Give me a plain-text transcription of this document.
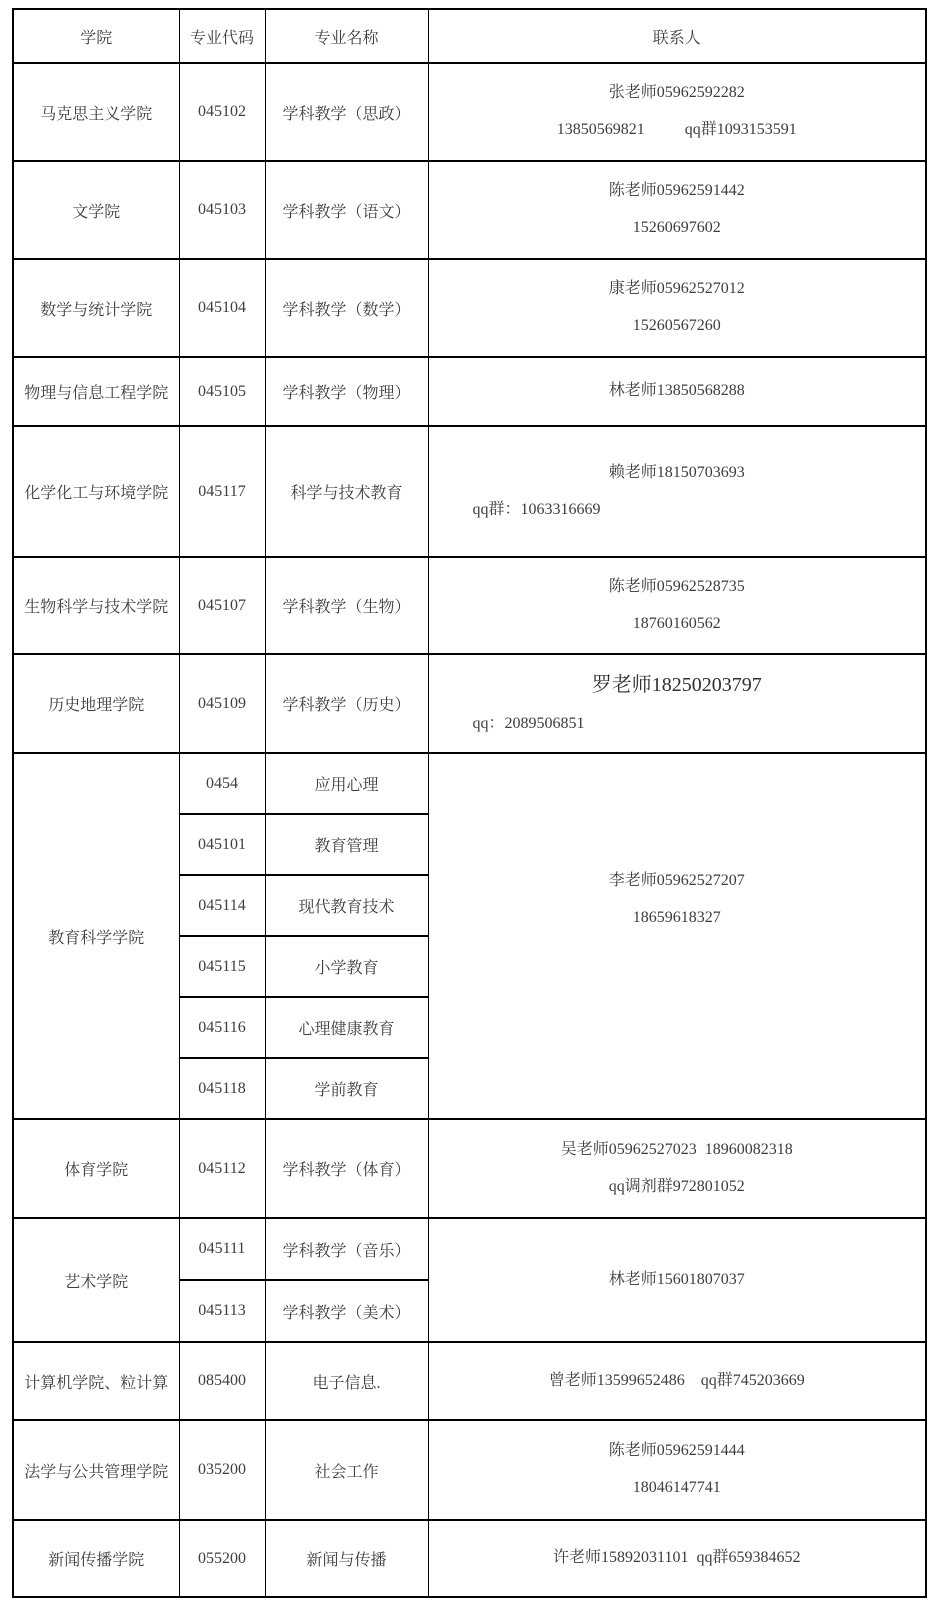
学院	专业代码	专业名称	联系人
马克思主义学院	045102	学科教学（思政）	张老师05962592282
13850569821          qq群1093153591

文学院	045103	学科教学（语文）	陈老师05962591442
15260697602

数学与统计学院	045104	学科教学（数学）	康老师05962527012
15260567260

物理与信息工程学院	045105	学科教学（物理）	林老师13850568288

化学化工与环境学院	045117	科学与技术教育	赖老师18150703693
qq群：1063316669

生物科学与技术学院	045107	学科教学（生物）	陈老师05962528735
18760160562

历史地理学院	045109	学科教学（历史）	罗老师18250203797
qq：2089506851

教育科学学院	0454	应用心理	李老师05962527207
18659618327

	045101	教育管理	
	045114	现代教育技术	
	045115	小学教育	
	045116	心理健康教育	
	045118	学前教育	
体育学院	045112	学科教学（体育）	吴老师05962527023  18960082318
qq调剂群972801052

艺术学院	045111	学科教学（音乐）	林老师15601807037

	045113	学科教学（美术）	
计算机学院、粒计算	085400	电子信息.	曾老师13599652486    qq群745203669

法学与公共管理学院	035200	社会工作	陈老师05962591444
18046147741

新闻传播学院	055200	新闻与传播	许老师15892031101  qq群659384652
